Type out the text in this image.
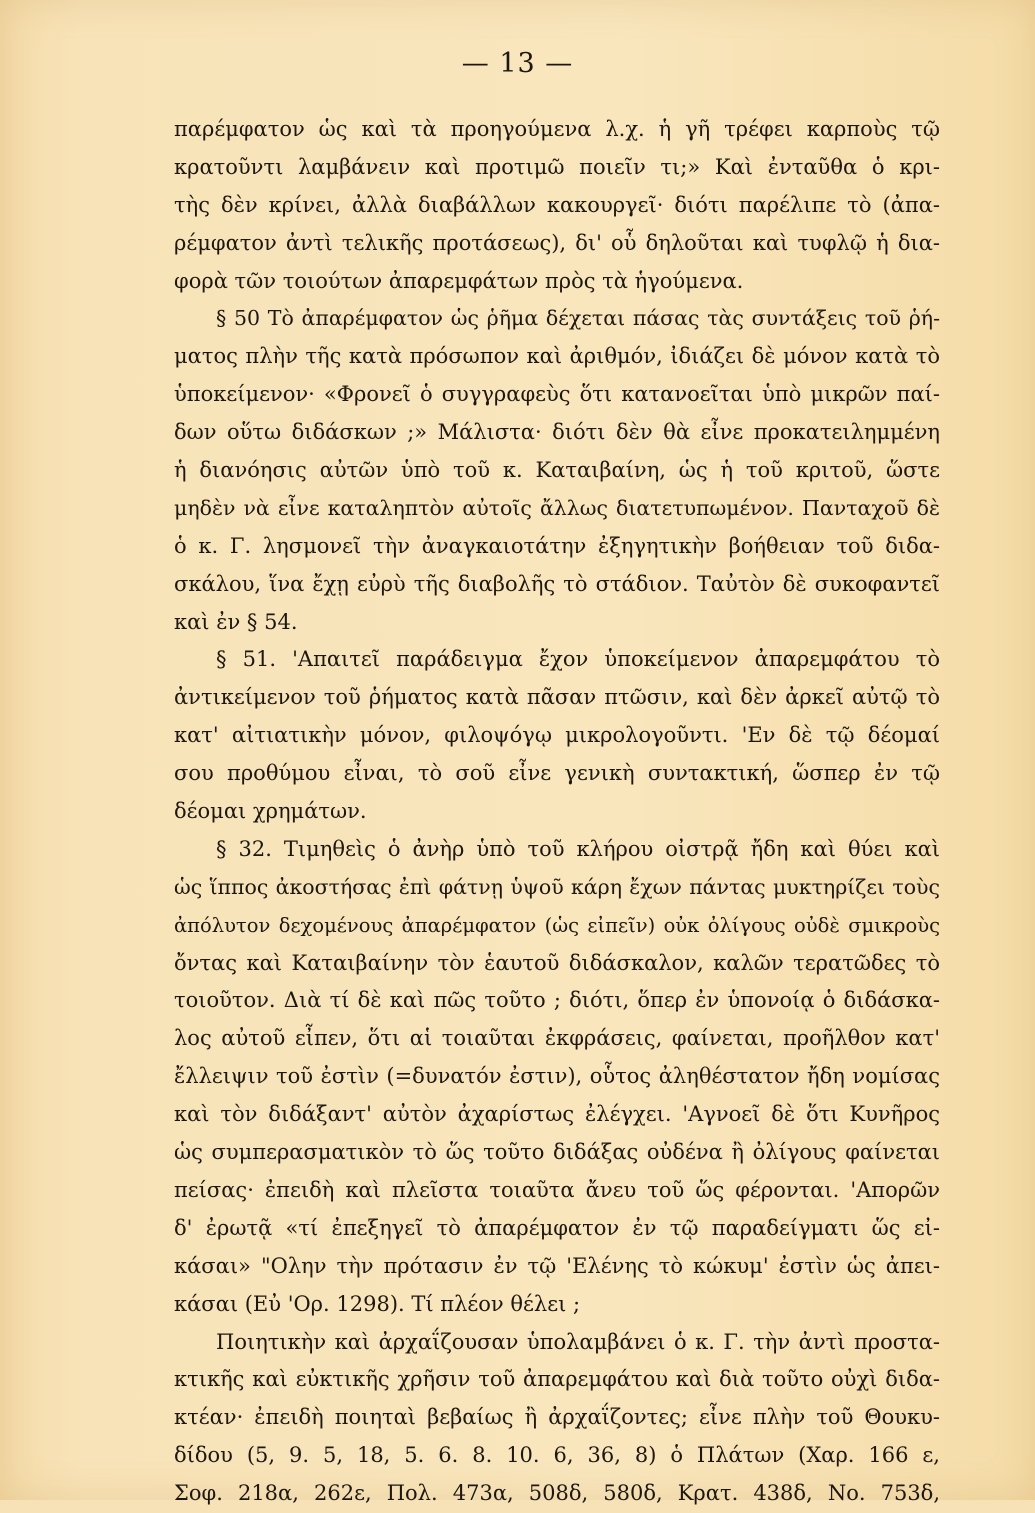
— 13 —
παρέμφατον ὡς καὶ τὰ προηγούμενα λ.χ. ἡ γῆ τρέφει καρποὺς τῷ
κρατοῦντι λαμβάνειν καὶ προτιμῶ ποιεῖν τι;» Καὶ ἐνταῦθα ὁ κρι-
τὴς δὲν κρίνει, ἀλλὰ διαβάλλων κακουργεῖ· διότι παρέλιπε τὸ (ἀπα-
ρέμφατον ἀντὶ τελικῆς προτάσεως), δι' οὗ δηλοῦται καὶ τυφλῷ ἡ δια-
φορὰ τῶν τοιούτων ἀπαρεμφάτων πρὸς τὰ ἡγούμενα.
§ 50 Τὸ ἀπαρέμφατον ὡς ῥῆμα δέχεται πάσας τὰς συντάξεις τοῦ ῥή-
ματος πλὴν τῆς κατὰ πρόσωπον καὶ ἀριθμόν, ἰδιάζει δὲ μόνον κατὰ τὸ
ὑποκείμενον· «Φρονεῖ ὁ συγγραφεὺς ὅτι κατανοεῖται ὑπὸ μικρῶν παί-
δων οὕτω διδάσκων ;» Μάλιστα· διότι δὲν θὰ εἶνε προκατειλημμένη
ἡ διανόησις αὐτῶν ὑπὸ τοῦ κ. Καταιβαίνη, ὡς ἡ τοῦ κριτοῦ, ὥστε
μηδὲν νὰ εἶνε καταληπτὸν αὐτοῖς ἄλλως διατετυπωμένον. Πανταχοῦ δὲ
ὁ κ. Γ. λησμονεῖ τὴν ἀναγκαιοτάτην ἐξηγητικὴν βοήθειαν τοῦ διδα-
σκάλου, ἵνα ἔχῃ εὐρὺ τῆς διαβολῆς τὸ στάδιον. Ταὐτὸν δὲ συκοφαντεῖ
καὶ ἐν § 54.
§ 51. 'Απαιτεῖ παράδειγμα ἔχον ὑποκείμενον ἀπαρεμφάτου τὸ
ἀντικείμενον τοῦ ῥήματος κατὰ πᾶσαν πτῶσιν, καὶ δὲν ἀρκεῖ αὐτῷ τὸ
κατ' αἰτιατικὴν μόνον, φιλοψόγῳ μικρολογοῦντι. 'Εν δὲ τῷ δέομαί
σου προθύμου εἶναι, τὸ σοῦ εἶνε γενικὴ συντακτική, ὥσπερ ἐν τῷ
δέομαι χρημάτων.
§ 32. Τιμηθεὶς ὁ ἀνὴρ ὑπὸ τοῦ κλήρου οἰστρᾷ ἤδη καὶ θύει καὶ
ὡς ἵππος ἀκοστήσας ἐπὶ φάτνῃ ὑψοῦ κάρη ἔχων πάντας μυκτηρίζει τοὺς
ἀπόλυτον δεχομένους ἀπαρέμφατον (ὡς εἰπεῖν) οὐκ ὀλίγους οὐδὲ σμικροὺς
ὄντας καὶ Καταιβαίνην τὸν ἑαυτοῦ διδάσκαλον, καλῶν τερατῶδες τὸ
τοιοῦτον. Διὰ τί δὲ καὶ πῶς τοῦτο ; διότι, ὅπερ ἐν ὑπονοίᾳ ὁ διδάσκα-
λος αὐτοῦ εἶπεν, ὅτι αἱ τοιαῦται ἐκφράσεις, φαίνεται, προῆλθον κατ'
ἔλλειψιν τοῦ ἐστὶν (=δυνατόν ἐστιν), οὗτος ἀληθέστατον ἤδη νομίσας
καὶ τὸν διδάξαντ' αὐτὸν ἀχαρίστως ἐλέγχει. 'Αγνοεῖ δὲ ὅτι Κυνῆρος
ὡς συμπερασματικὸν τὸ ὥς τοῦτο διδάξας οὐδένα ἢ ὀλίγους φαίνεται
πείσας· ἐπειδὴ καὶ πλεῖστα τοιαῦτα ἄνευ τοῦ ὥς φέρονται. 'Απορῶν
δ' ἐρωτᾷ «τί ἐπεξηγεῖ τὸ ἀπαρέμφατον ἐν τῷ παραδείγματι ὥς εἰ-
κάσαι» "Ολην τὴν πρότασιν ἐν τῷ 'Ελένης τὸ κώκυμ' ἐστὶν ὡς ἀπει-
κάσαι (Εὐ 'Ορ. 1298). Τί πλέον θέλει ;
Ποιητικὴν καὶ ἀρχαΐζουσαν ὑπολαμβάνει ὁ κ. Γ. τὴν ἀντὶ προστα-
κτικῆς καὶ εὐκτικῆς χρῆσιν τοῦ ἀπαρεμφάτου καὶ διὰ τοῦτο οὐχὶ διδα-
κτέαν· ἐπειδὴ ποιηταὶ βεβαίως ἢ ἀρχαΐζοντες; εἶνε πλὴν τοῦ Θουκυ-
δίδου (5, 9. 5, 18, 5. 6. 8. 10. 6, 36, 8) ὁ Πλάτων (Χαρ. 166 ε,
Σοφ. 218α, 262ε, Πολ. 473α, 508δ, 580δ, Κρατ. 438δ, Νο. 753δ,
